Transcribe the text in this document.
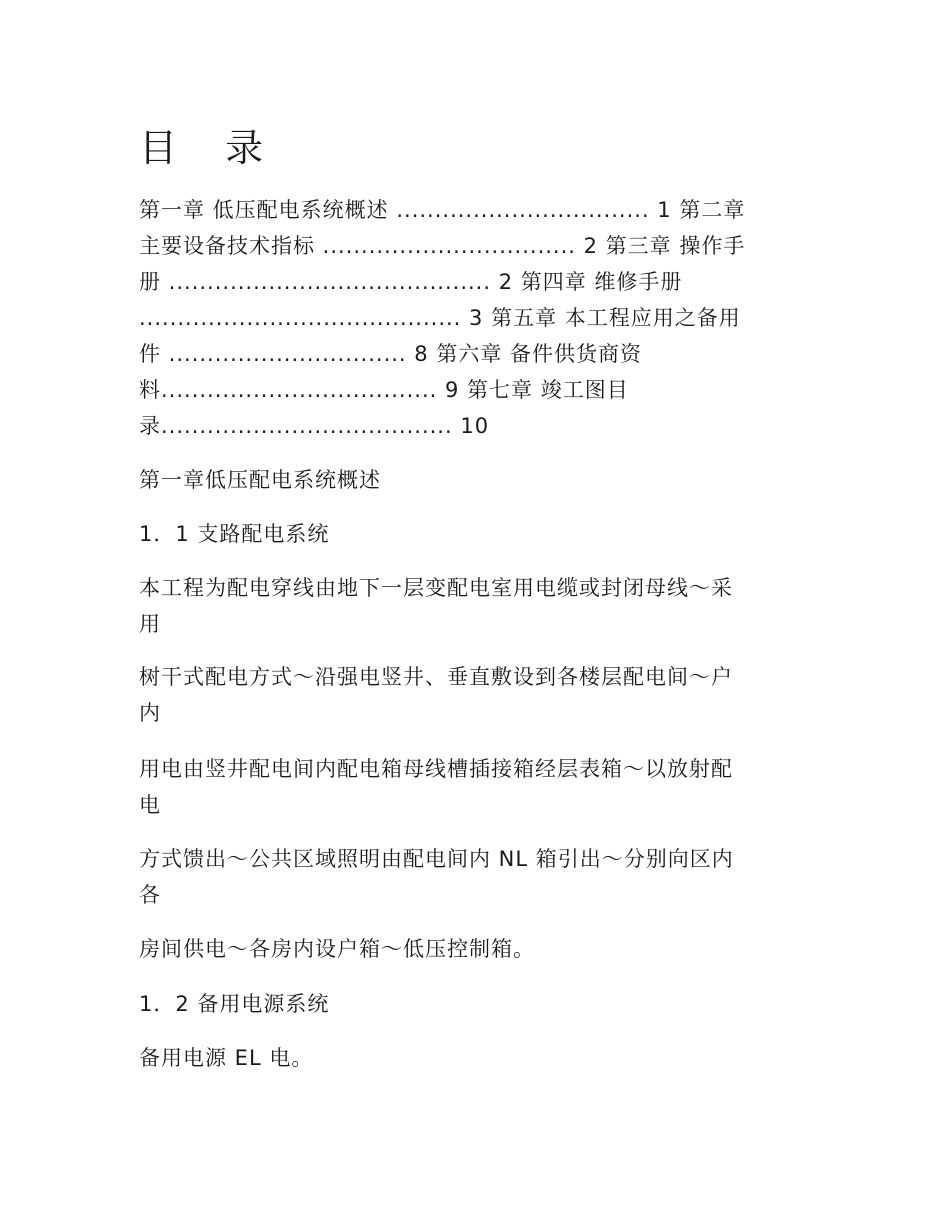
目 录
第一章 低压配电系统概述 ................................. 1 第二章
主要设备技术指标 ................................. 2 第三章 操作手
册 .......................................... 2 第四章 维修手册
.......................................... 3 第五章 本工程应用之备用
件 ............................... 8 第六章 备件供货商资
料.................................... 9 第七章 竣工图目
录...................................... 10
第一章低压配电系统概述
1．1 支路配电系统
本工程为配电穿线由地下一层变配电室用电缆或封闭母线～采
用
树干式配电方式～沿强电竖井、垂直敷设到各楼层配电间～户
内
用电由竖井配电间内配电箱母线槽插接箱经层表箱～以放射配
电
方式馈出～公共区域照明由配电间内 NL 箱引出～分别向区内
各
房间供电～各房内设户箱～低压控制箱。
1．2 备用电源系统
备用电源 EL 电。
